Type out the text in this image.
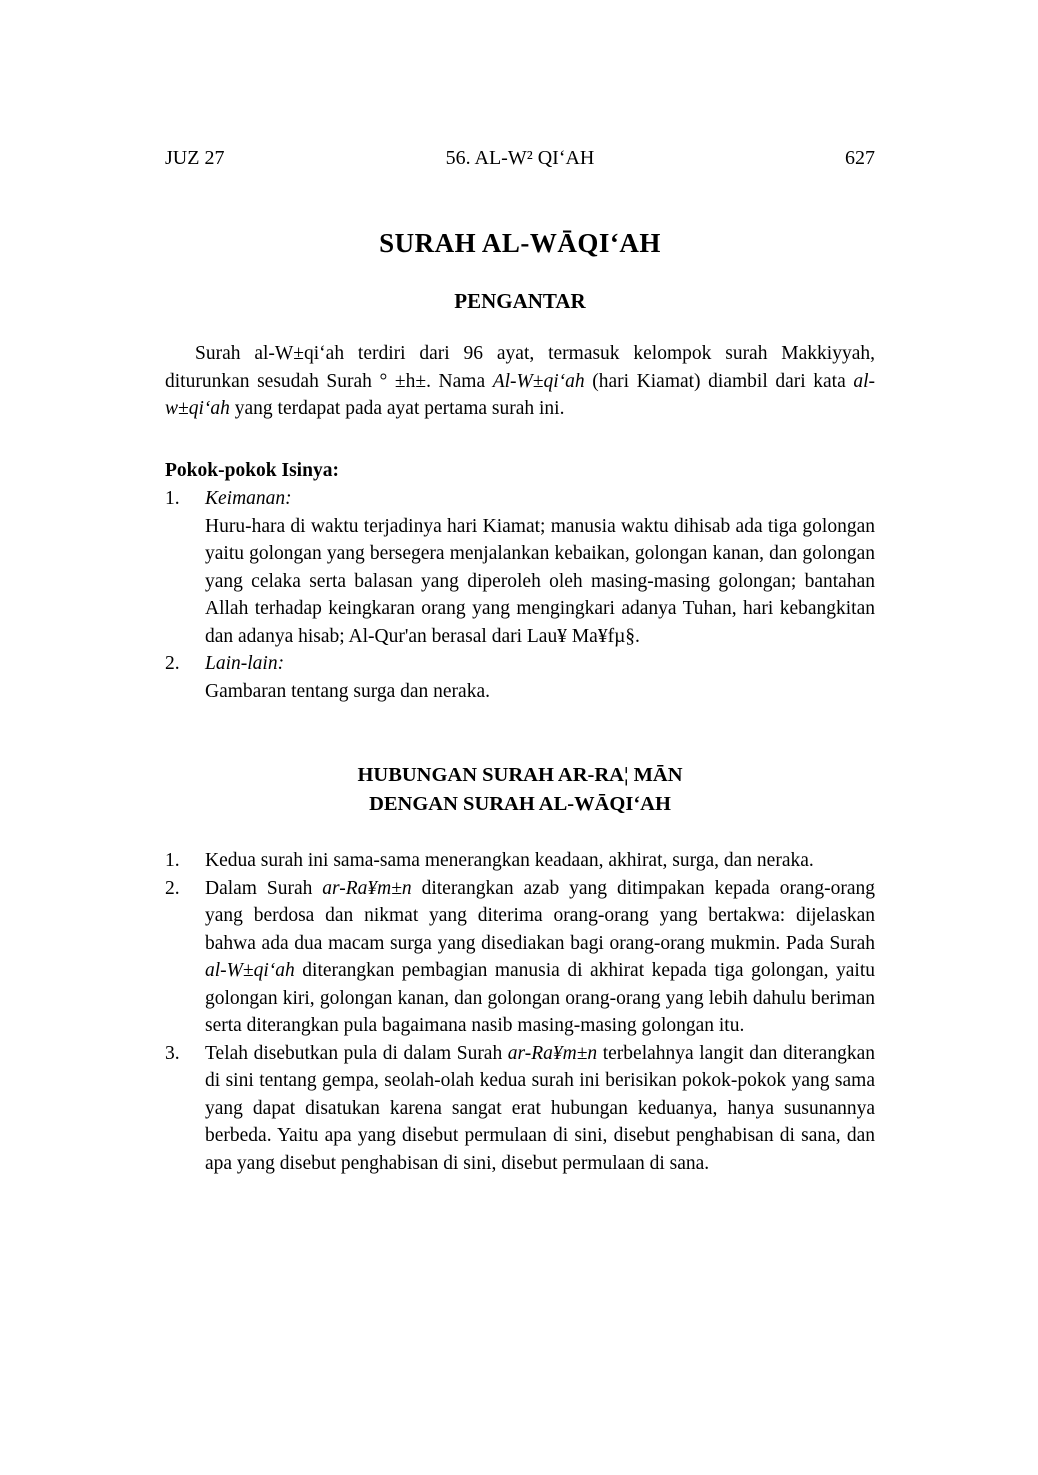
JUZ 27	56. AL-W² QI‘AH	627
SURAH AL-WĀQI‘AH
PENGANTAR

Surah al-W±qi‘ah terdiri dari 96 ayat, termasuk kelompok surah Makkiyyah, diturunkan sesudah Surah ° ±h±. Nama Al-W±qi‘ah (hari Kiamat) diambil dari kata al-w±qi‘ah yang terdapat pada ayat pertama surah ini.

Pokok-pokok Isinya:
1.	Keimanan:
Huru-hara di waktu terjadinya hari Kiamat; manusia waktu dihisab ada tiga golongan yaitu golongan yang bersegera menjalankan kebaikan, golongan kanan, dan golongan yang celaka serta balasan yang diperoleh oleh masing-masing golongan; bantahan Allah terhadap keingkaran orang yang mengingkari adanya Tuhan, hari kebangkitan dan adanya hisab; Al-Qur'an berasal dari Lau¥ Ma¥fµ§.
2.	Lain-lain:
Gambaran tentang surga dan neraka.
HUBUNGAN SURAH AR-RA¦ MĀN
DENGAN SURAH AL-WĀQI‘AH
1.	Kedua surah ini sama-sama menerangkan keadaan, akhirat, surga, dan neraka.
2.	Dalam Surah ar-Ra¥m±n diterangkan azab yang ditimpakan kepada orang-orang yang berdosa dan nikmat yang diterima orang-orang yang bertakwa: dijelaskan bahwa ada dua macam surga yang disediakan bagi orang-orang mukmin. Pada Surah al-W±qi‘ah diterangkan pembagian manusia di akhirat kepada tiga golongan, yaitu golongan kiri, golongan kanan, dan golongan orang-orang yang lebih dahulu beriman serta diterangkan pula bagaimana nasib masing-masing golongan itu.
3.	Telah disebutkan pula di dalam Surah ar-Ra¥m±n terbelahnya langit dan diterangkan di sini tentang gempa, seolah-olah kedua surah ini berisikan pokok-pokok yang sama yang dapat disatukan karena sangat erat hubungan keduanya, hanya susunannya berbeda. Yaitu apa yang disebut permulaan di sini, disebut penghabisan di sana, dan apa yang disebut penghabisan di sini, disebut permulaan di sana.
